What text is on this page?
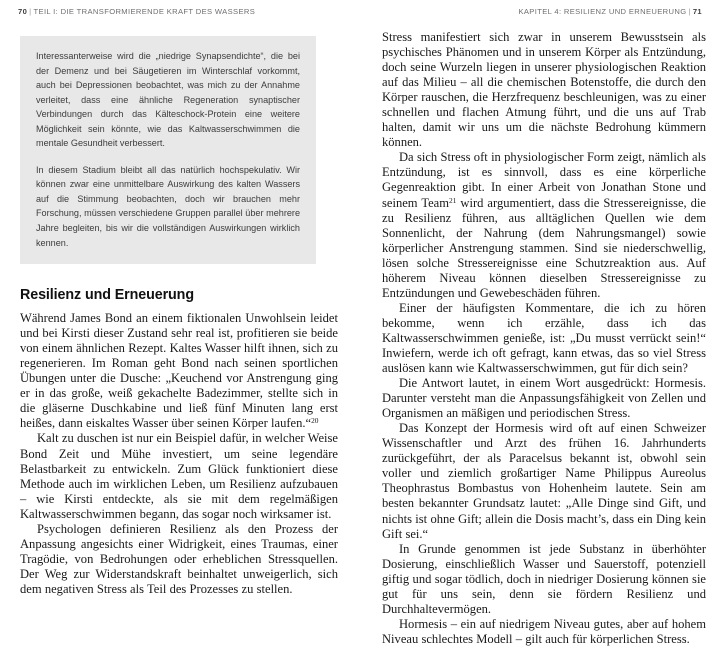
70 | TEIL I: DIE TRANSFORMIERENDE KRAFT DES WASSERS	KAPITEL 4: RESILIENZ UND ERNEUERUNG | 71

Interessanterweise wird die „niedrige Synapsendichte“, die bei der Demenz und bei Säugetieren im Winterschlaf vorkommt, auch bei Depressionen beobachtet, was mich zu der Annahme verleitet, dass eine ähnliche Regeneration synaptischer Verbindungen durch das Kälteschock-Protein eine weitere Möglichkeit sein könnte, wie das Kaltwasserschwimmen die mentale Gesundheit verbessert.

In diesem Stadium bleibt all das natürlich hochspekulativ. Wir können zwar eine unmittelbare Auswirkung des kalten Wassers auf die Stimmung beobachten, doch wir brauchen mehr Forschung, müssen verschiedene Gruppen parallel über mehrere Jahre begleiten, bis wir die vollständigen Auswirkungen wirklich kennen.

Resilienz und Erneuerung

Während James Bond an einem fiktionalen Unwohlsein leidet und bei Kirsti dieser Zustand sehr real ist, profitieren sie beide von einem ähnlichen Rezept. Kaltes Wasser hilft ihnen, sich zu regenerieren. Im Roman geht Bond nach seinen sportlichen Übungen unter die Dusche: „Keuchend vor Anstrengung ging er in das große, weiß gekachelte Badezimmer, stellte sich in die gläserne Duschkabine und ließ fünf Minuten lang erst heißes, dann eiskaltes Wasser über seinen Körper laufen.“$^{20}$

Kalt zu duschen ist nur ein Beispiel dafür, in welcher Weise Bond Zeit und Mühe investiert, um seine legendäre Belastbarkeit zu entwickeln. Zum Glück funktioniert diese Methode auch im wirklichen Leben, um Resilienz aufzubauen – wie Kirsti entdeckte, als sie mit dem regelmäßigen Kaltwasserschwimmen begann, das sogar noch wirksamer ist.

Psychologen definieren Resilienz als den Prozess der Anpassung angesichts einer Widrigkeit, eines Traumas, einer Tragödie, von Bedrohungen oder erheblichen Stressquellen. Der Weg zur Widerstandskraft beinhaltet unweigerlich, sich dem negativen Stress als Teil des Prozesses zu stellen.

Stress manifestiert sich zwar in unserem Bewusstsein als psychisches Phänomen und in unserem Körper als Entzündung, doch seine Wurzeln liegen in unserer physiologischen Reaktion auf das Milieu – all die chemischen Botenstoffe, die durch den Körper rauschen, die Herzfrequenz beschleunigen, was zu einer schnellen und flachen Atmung führt, und die uns auf Trab halten, damit wir uns um die nächste Bedrohung kümmern können.

Da sich Stress oft in physiologischer Form zeigt, nämlich als Entzündung, ist es sinnvoll, dass es eine körperliche Gegenreaktion gibt. In einer Arbeit von Jonathan Stone und seinem Team$^{21}$ wird argumentiert, dass die Stressereignisse, die zu Resilienz führen, aus alltäglichen Quellen wie dem Sonnenlicht, der Nahrung (dem Nahrungsmangel) sowie körperlicher Anstrengung stammen. Sind sie niederschwellig, lösen solche Stressereignisse eine Schutzreaktion aus. Auf höherem Niveau können dieselben Stressereignisse zu Entzündungen und Gewebeschäden führen.

Einer der häufigsten Kommentare, die ich zu hören bekomme, wenn ich erzähle, dass ich das Kaltwasserschwimmen genieße, ist: „Du musst verrückt sein!“ Inwiefern, werde ich oft gefragt, kann etwas, das so viel Stress auslösen kann wie Kaltwasserschwimmen, gut für dich sein?

Die Antwort lautet, in einem Wort ausgedrückt: Hormesis. Darunter versteht man die Anpassungsfähigkeit von Zellen und Organismen an mäßigen und periodischen Stress.

Das Konzept der Hormesis wird oft auf einen Schweizer Wissenschaftler und Arzt des frühen 16. Jahrhunderts zurückgeführt, der als Paracelsus bekannt ist, obwohl sein voller und ziemlich großartiger Name Philippus Aureolus Theophrastus Bombastus von Hohenheim lautete. Sein am besten bekannter Grundsatz lautet: „Alle Dinge sind Gift, und nichts ist ohne Gift; allein die Dosis macht’s, dass ein Ding kein Gift sei.“

In Grunde genommen ist jede Substanz in überhöhter Dosierung, einschließlich Wasser und Sauerstoff, potenziell giftig und sogar tödlich, doch in niedriger Dosierung können sie gut für uns sein, denn sie fördern Resilienz und Durchhaltevermögen.

Hormesis – ein auf niedrigem Niveau gutes, aber auf hohem Niveau schlechtes Modell – gilt auch für körperlichen Stress.
